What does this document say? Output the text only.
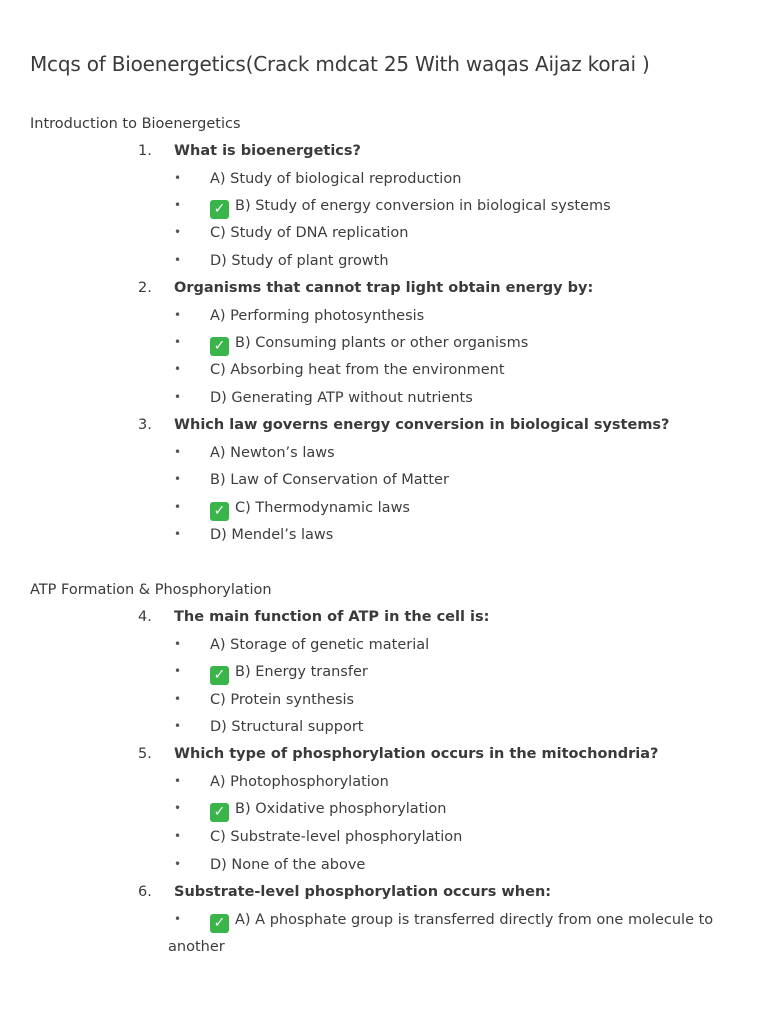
Mcqs of Bioenergetics(Crack mdcat 25 With waqas Aijaz korai )
Introduction to Bioenergetics
1. What is bioenergetics?
• A) Study of biological reproduction
• ✓ B) Study of energy conversion in biological systems
• C) Study of DNA replication
• D) Study of plant growth
2. Organisms that cannot trap light obtain energy by:
• A) Performing photosynthesis
• ✓ B) Consuming plants or other organisms
• C) Absorbing heat from the environment
• D) Generating ATP without nutrients
3. Which law governs energy conversion in biological systems?
• A) Newton’s laws
• B) Law of Conservation of Matter
• ✓ C) Thermodynamic laws
• D) Mendel’s laws
ATP Formation & Phosphorylation
4. The main function of ATP in the cell is:
• A) Storage of genetic material
• ✓ B) Energy transfer
• C) Protein synthesis
• D) Structural support
5. Which type of phosphorylation occurs in the mitochondria?
• A) Photophosphorylation
• ✓ B) Oxidative phosphorylation
• C) Substrate-level phosphorylation
• D) None of the above
6. Substrate-level phosphorylation occurs when:
• ✓ A) A phosphate group is transferred directly from one molecule to
another
